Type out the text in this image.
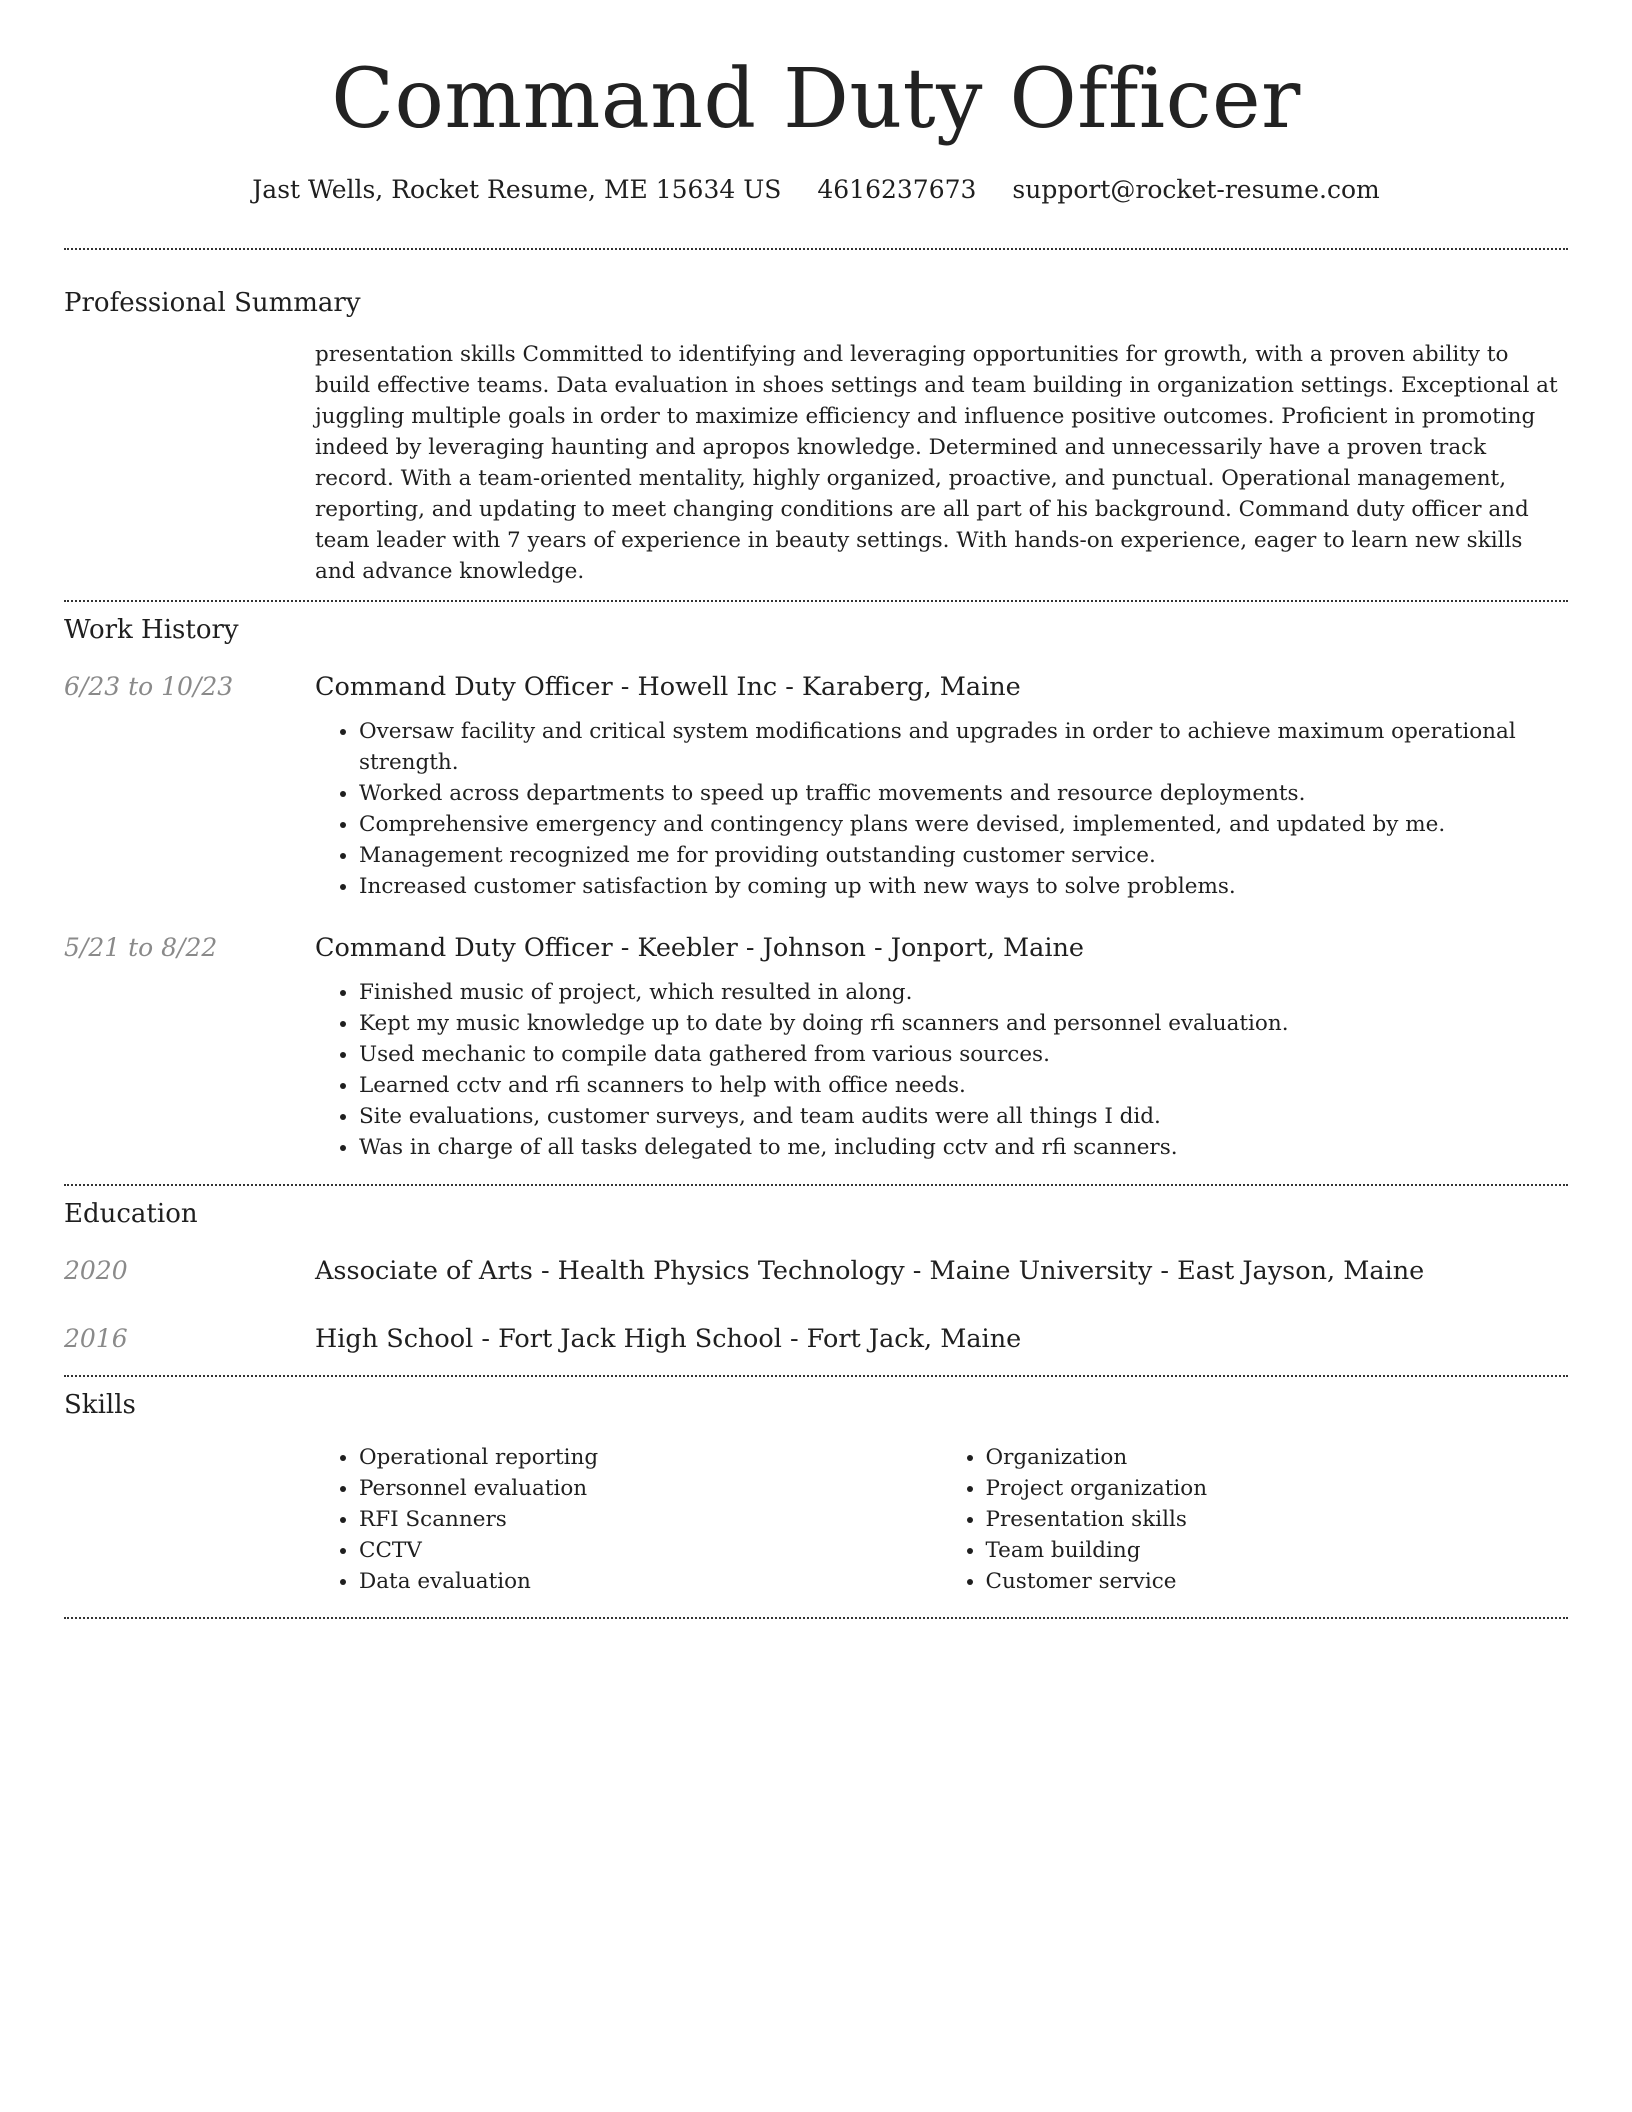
Command Duty Officer
Jast Wells, Rocket Resume, ME 15634 US 4616237673 support@rocket-resume.com
Professional Summary

presentation skills Committed to identifying and leveraging opportunities for growth, with a proven ability to build effective teams. Data evaluation in shoes settings and team building in organization settings. Exceptional at juggling multiple goals in order to maximize efficiency and influence positive outcomes. Proficient in promoting indeed by leveraging haunting and apropos knowledge. Determined and unnecessarily have a proven track record. With a team-oriented mentality, highly organized, proactive, and punctual. Operational management, reporting, and updating to meet changing conditions are all part of his background. Command duty officer and team leader with 7 years of experience in beauty settings. With hands-on experience, eager to learn new skills and advance knowledge.

Work History
6/23 to 10/23	Command Duty Officer - Howell Inc - Karaberg, Maine

• Oversaw facility and critical system modifications and upgrades in order to achieve maximum operational strength.
• Worked across departments to speed up traffic movements and resource deployments.
• Comprehensive emergency and contingency plans were devised, implemented, and updated by me.
• Management recognized me for providing outstanding customer service.
• Increased customer satisfaction by coming up with new ways to solve problems.
5/21 to 8/22	Command Duty Officer - Keebler - Johnson - Jonport, Maine

• Finished music of project, which resulted in along.
• Kept my music knowledge up to date by doing rfi scanners and personnel evaluation.
• Used mechanic to compile data gathered from various sources.
• Learned cctv and rfi scanners to help with office needs.
• Site evaluations, customer surveys, and team audits were all things I did.
• Was in charge of all tasks delegated to me, including cctv and rfi scanners.
Education
2020	Associate of Arts - Health Physics Technology - Maine University - East Jayson, Maine

2016	High School - Fort Jack High School - Fort Jack, Maine

Skills
• Operational reporting
• Personnel evaluation
• RFI Scanners
• CCTV
• Data evaluation
• Organization
• Project organization
• Presentation skills
• Team building
• Customer service
